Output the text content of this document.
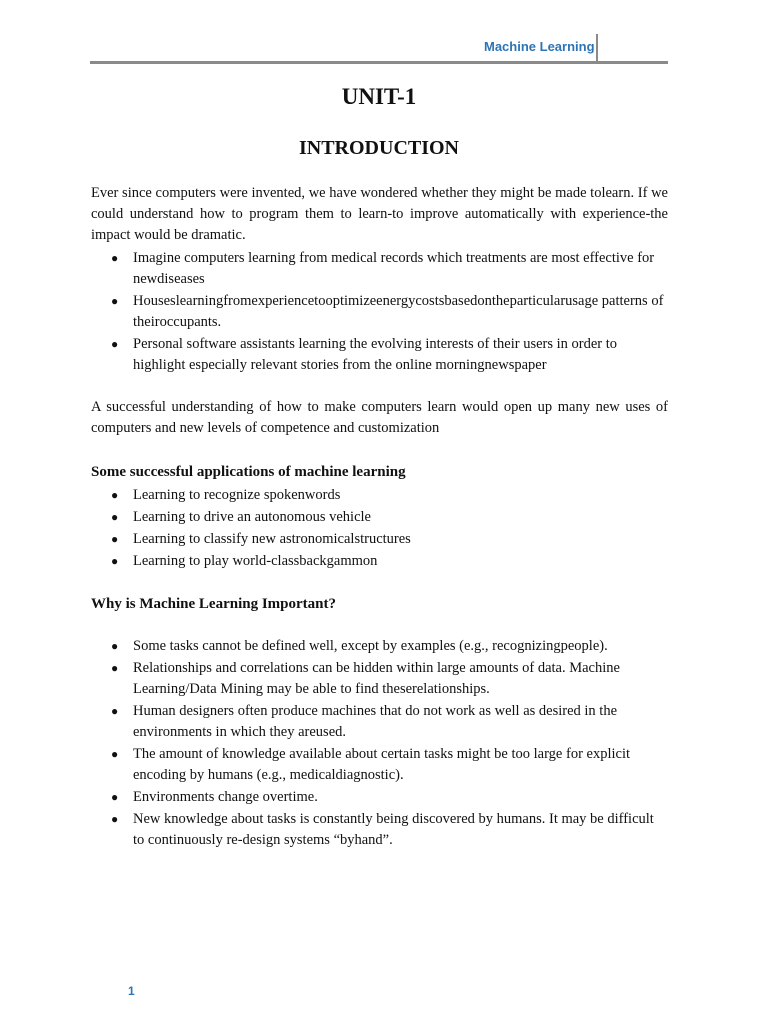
Machine Learning
UNIT-1
INTRODUCTION
Ever since computers were invented, we have wondered whether they might be made tolearn. If we could understand how to program them to learn-to improve automatically with experience-the impact would be dramatic.
● Imagine computers learning from medical records which treatments are most effective for newdiseases
● Houseslearningfromexperiencetooptimizeenergycostsbasedontheparticularusage patterns of theiroccupants.
● Personal software assistants learning the evolving interests of their users in order to highlight especially relevant stories from the online morningnewspaper
A successful understanding of how to make computers learn would open up many new uses of computers and new levels of competence and customization
Some successful applications of machine learning
● Learning to recognize spokenwords
● Learning to drive an autonomous vehicle
● Learning to classify new astronomicalstructures
● Learning to play world-classbackgammon
Why is Machine Learning Important?
● Some tasks cannot be defined well, except by examples (e.g., recognizingpeople).
● Relationships and correlations can be hidden within large amounts of data. Machine Learning/Data Mining may be able to find theserelationships.
● Human designers often produce machines that do not work as well as desired in the environments in which they areused.
● The amount of knowledge available about certain tasks might be too large for explicit encoding by humans (e.g., medicaldiagnostic).
● Environments change overtime.
● New knowledge about tasks is constantly being discovered by humans. It may be difficult to continuously re-design systems “byhand”.
1
